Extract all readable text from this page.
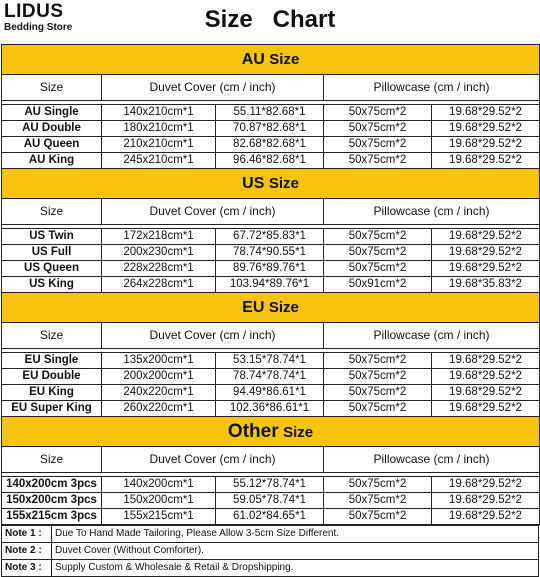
LIDUS
Bedding Store	Size   Chart
AU Size				
Size	Duvet Cover (cm / inch)		Pillowcase (cm / inch)	

AU Single	140x210cm*1	55.11*82.68*1	50x75cm*2	19.68*29.52*2
AU Double	180x210cm*1	70.87*82.68*1	50x75cm*2	19.68*29.52*2
AU Queen	210x210cm*1	82.68*82.68*1	50x75cm*2	19.68*29.52*2
AU King	245x210cm*1	96.46*82.68*1	50x75cm*2	19.68*29.52*2
US Size				
Size	Duvet Cover (cm / inch)		Pillowcase (cm / inch)	

US Twin	172x218cm*1	67.72*85.83*1	50x75cm*2	19.68*29.52*2
US Full	200x230cm*1	78.74*90.55*1	50x75cm*2	19.68*29.52*2
US Queen	228x228cm*1	89.76*89.76*1	50x75cm*2	19.68*29.52*2
US King	264x228cm*1	103.94*89.76*1	50x91cm*2	19.68*35.83*2
EU Size				
Size	Duvet Cover (cm / inch)		Pillowcase (cm / inch)	

EU Single	135x200cm*1	53.15*78.74*1	50x75cm*2	19.68*29.52*2
EU Double	200x200cm*1	78.74*78.74*1	50x75cm*2	19.68*29.52*2
EU King	240x220cm*1	94.49*86.61*1	50x75cm*2	19.68*29.52*2
EU Super King	260x220cm*1	102.36*86.61*1	50x75cm*2	19.68*29.52*2
Other Size				
Size	Duvet Cover (cm / inch)		Pillowcase (cm / inch)	

140x200cm 3pcs	140x200cm*1	55.12*78.74*1	50x75cm*2	19.68*29.52*2
150x200cm 3pcs	150x200cm*1	59.05*78.74*1	50x75cm*2	19.68*29.52*2
155x215cm 3pcs	155x215cm*1	61.02*84.65*1	50x75cm*2	19.68*29.52*2
Note 1 :	Due To Hand Made Tailoring, Please Allow 3-5cm Size Different.
Note 2 :	Duvet Cover (Without Comforter).
Note 3 :	Supply Custom & Wholesale & Retail & Dropshipping.
